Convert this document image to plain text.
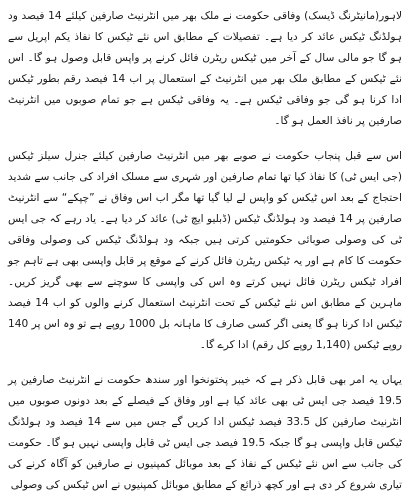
لاہور(مانیٹرنگ ڈیسک) وفاقی حکومت نے ملک بھر میں انٹرنیٹ صارفین کیلئے 14 فیصد ود ہولڈنگ ٹیکس عائد کر دیا ہے۔ تفصیلات کے مطابق اس نئے ٹیکس کا نفاذ یکم اپریل سے ہو گا جو مالی سال کے آخر میں ٹیکس ریٹرن فائل کرنے پر واپس قابل وصول ہو گا۔ اس نئے ٹیکس کے مطابق ملک بھر میں انٹرنیٹ کے استعمال پر اب 14 فیصد رقم بطور ٹیکس ادا کرنا ہو گی جو وفاقی ٹیکس ہے۔ یہ وفاقی ٹیکس ہے جو تمام صوبوں میں انٹرنیٹ صارفین پر نافذ العمل ہو گا۔

اس سے قبل پنجاب حکومت نے صوبے بھر میں انٹرنیٹ صارفین کیلئے جنرل سیلز ٹیکس (جی ایس ٹی) کا نفاذ کیا تھا تمام صارفین اور شہری سے مسلک افراد کی جانب سے شدید احتجاج کے بعد اس ٹیکس کو واپس لے لیا گیا تھا مگر اب اس وفاق نے ”چپکے“ سے انٹرنیٹ صارفین پر 14 فیصد ود ہولڈنگ ٹیکس (ڈبلیو ایچ ٹی) عائد کر دیا ہے۔ یاد رہے کہ جی ایس ٹی کی وصولی صوبائی حکومتیں کرتی ہیں جبکہ ود ہولڈنگ ٹیکس کی وصولی وفاقی حکومت کا کام ہے اور یہ ٹیکس ریٹرن فائل کرنے کے موقع پر قابل واپسی بھی ہے تاہم جو افراد ٹیکس ریٹرن فائل نہیں کرتے وہ اس کی واپسی کا سوچنے سے بھی گریز کریں۔ ماہرین کے مطابق اس نئے ٹیکس کے تحت انٹرنیٹ استعمال کرنے والوں کو اب 14 فیصد ٹیکس ادا کرنا ہو گا یعنی اگر کسی صارف کا ماہانہ بل 1000 روپے ہے تو وہ اس پر 140 روپے ٹیکس (1,140 روپے کل رقم) ادا کرے گا۔

یہاں یہ امر بھی قابل ذکر ہے کہ خیبر پختونخوا اور سندھ حکومت نے انٹرنیٹ صارفین پر 19.5 فیصد جی ایس ٹی بھی عائد کیا ہے اور وفاق کے فیصلے کے بعد دونوں صوبوں میں انٹرنیٹ صارفین کل 33.5 فیصد ٹیکس ادا کریں گے جس میں سے 14 فیصد ود ہولڈنگ ٹیکس قابل واپسی ہو گا جبکہ 19.5 فیصد جی ایس ٹی قابل واپسی نہیں ہو گا۔ حکومت کی جانب سے اس نئے ٹیکس کے نفاذ کے بعد موبائل کمپنیوں نے صارفین کو آگاہ کرنے کی تیاری شروع کر دی ہے اور کچھ ذرائع کے مطابق موبائل کمپنیوں نے اس ٹیکس کی وصولی
